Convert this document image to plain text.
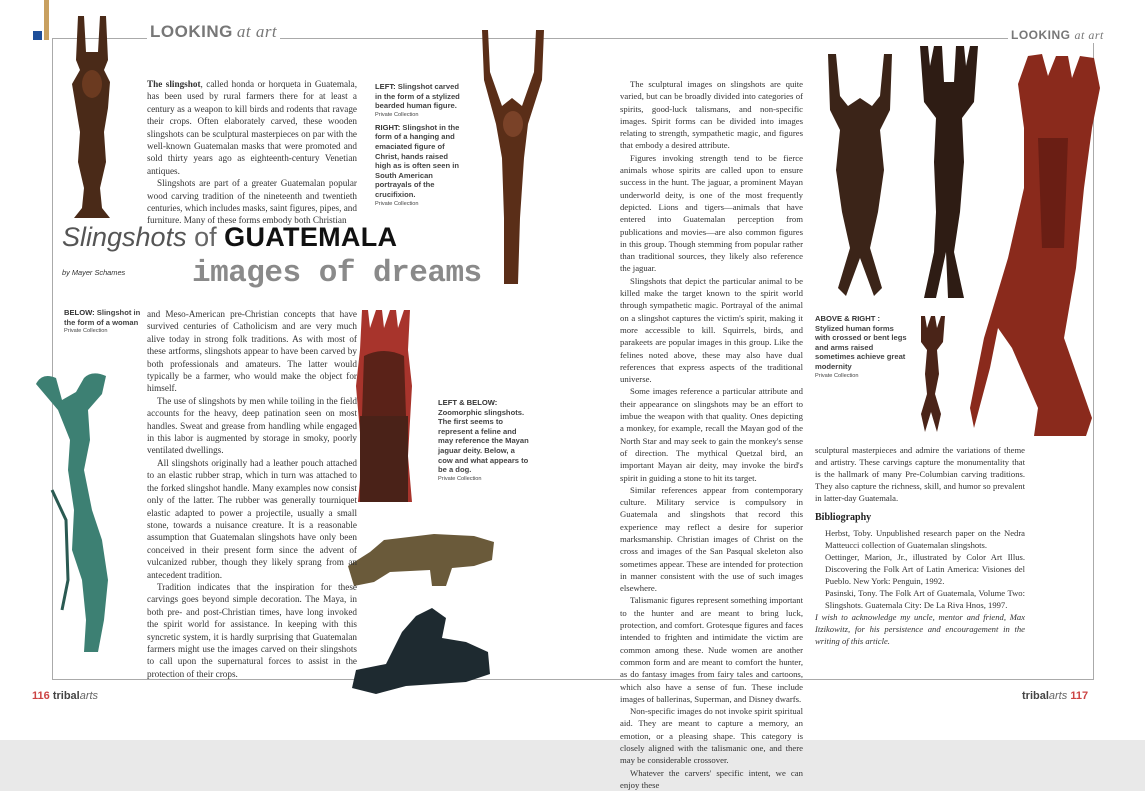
LOOKING at art	LOOKING at art

The slingshot, called honda or horqueta in Guatemala, has been used by rural farmers there for at least a century as a weapon to kill birds and rodents that ravage their crops. Often elaborately carved, these wooden slingshots can be sculptural masterpieces on par with the well-known Guatemalan masks that were promoted and sold thirty years ago as eighteenth-century Venetian antiques.

Slingshots are part of a greater Guatemalan popular wood carving tradition of the nineteenth and twentieth centuries, which includes masks, saint figures, pipes, and furniture. Many of these forms embody both Christian

LEFT: Slingshot carved in the form of a stylized bearded human figure.
Private Collection
RIGHT: Slingshot in the form of a hanging and emaciated figure of Christ, hands raised high as is often seen in South American portrayals of the crucifixion.
Private Collection
Slingshots of GUATEMALA
by Mayer Schames images of dreams
BELOW: Slingshot in the form of a woman
Private Collection

and Meso-American pre-Christian concepts that have survived centuries of Catholicism and are very much alive today in strong folk traditions. As with most of these artforms, slingshots appear to have been carved by both professionals and amateurs. The latter would typically be a farmer, who would make the object for himself.

The use of slingshots by men while toiling in the field accounts for the heavy, deep patination seen on most handles. Sweat and grease from handling while engaged in this labor is augmented by storage in smoky, poorly ventilated dwellings.

All slingshots originally had a leather pouch attached to an elastic rubber strap, which in turn was attached to the forked slingshot handle. Many examples now consist only of the latter. The rubber was generally tourniquet elastic adapted to power a projectile, usually a small stone, towards a nuisance creature. It is a reasonable assumption that Guatemalan slingshots have only been conceived in their present form since the advent of vulcanized rubber, though they likely sprang from an antecedent tradition.

Tradition indicates that the inspiration for these carvings goes beyond simple decoration. The Maya, in both pre- and post-Christian times, have long invoked the spirit world for assistance. In keeping with this syncretic system, it is hardly surprising that Guatemalan farmers might use the images carved on their slingshots to call upon the supernatural forces to assist in the protection of their crops.

LEFT & BELOW: Zoomorphic slingshots. The first seems to represent a feline and may reference the Mayan jaguar deity. Below, a cow and what appears to be a dog.
Private Collection

The sculptural images on slingshots are quite varied, but can be broadly divided into categories of spirits, good-luck talismans, and non-specific images. Spirit forms can be divided into images relating to strength, sympathetic magic, and figures that embody a desired attribute.

Figures invoking strength tend to be fierce animals whose spirits are called upon to ensure success in the hunt. The jaguar, a prominent Mayan underworld deity, is one of the most frequently depicted. Lions and tigers—animals that have entered into Guatemalan perception from publications and movies—are also common figures in this group. Though stemming from popular rather than traditional sources, they likely also reference the jaguar.

Slingshots that depict the particular animal to be killed make the target known to the spirit world through sympathetic magic. Portrayal of the animal on a slingshot captures the victim's spirit, making it more accessible to kill. Squirrels, birds, and parakeets are popular images in this group. Like the felines noted above, these may also have dual references that express aspects of the traditional universe.

Some images reference a particular attribute and their appearance on slingshots may be an effort to imbue the weapon with that quality. Ones depicting a monkey, for example, recall the Mayan god of the North Star and may seek to gain the monkey's sense of direction. The mythical Quetzal bird, an important Mayan air deity, may invoke the bird's spirit in guiding a stone to hit its target.

Similar references appear from contemporary culture. Military service is compulsory in Guatemala and slingshots that record this experience may reflect a desire for superior marksmanship. Christian images of Christ on the cross and images of the San Pasqual skeleton also sometimes appear. These are intended for protection in manner consistent with the use of such images elsewhere.

Talismanic figures represent something important to the hunter and are meant to bring luck, protection, and comfort. Grotesque figures and faces intended to frighten and intimidate the victim are common among these. Nude women are another common form and are meant to comfort the hunter, as do fantasy images from fairy tales and cartoons, which also have a sense of fun. These include images of ballerinas, Superman, and Disney dwarfs.

Non-specific images do not invoke spirit spiritual aid. They are meant to capture a memory, an emotion, or a pleasing shape. This category is closely aligned with the talismanic one, and there may be considerable crossover.

Whatever the carvers' specific intent, we can enjoy these

ABOVE & RIGHT : Stylized human forms with crossed or bent legs and arms raised sometimes achieve great modernity
Private Collection

sculptural masterpieces and admire the variations of theme and artistry. These carvings capture the monumentality that is the hallmark of many Pre-Columbian carving traditions. They also capture the richness, skill, and humor so prevalent in latter-day Guatemala.

Bibliography

Herbst, Toby. Unpublished research paper on the Nedra Matteucci collection of Guatemalan slingshots.

Oettinger, Marion, Jr., illustrated by Color Art Illus. Discovering the Folk Art of Latin America: Visiones del Pueblo. New York: Penguin, 1992.

Pasinski, Tony. The Folk Art of Guatemala, Volume Two: Slingshots. Guatemala City: De La Riva Hnos, 1997.

I wish to acknowledge my uncle, mentor and friend, Max Itzikowitz, for his persistence and encouragement in the writing of this article.

116 tribalarts	tribalarts 117
